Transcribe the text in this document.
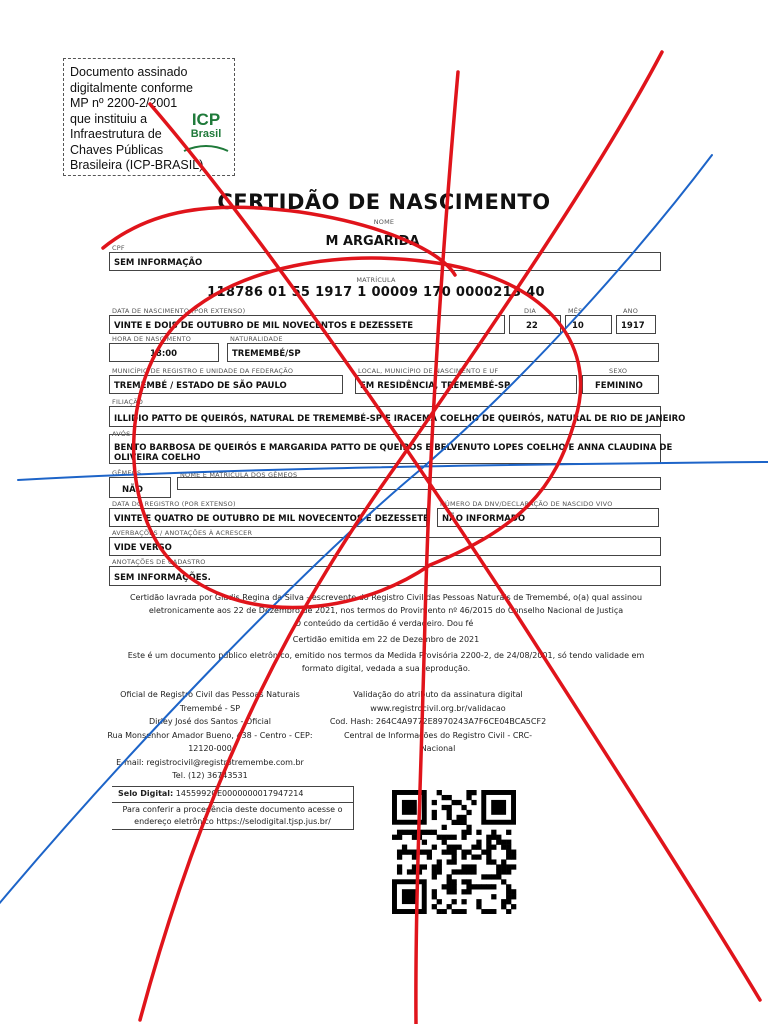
Documento assinado
digitalmente conforme
MP nº 2200-2/2001
que instituiu a
Infraestrutura de
Chaves Públicas
Brasileira (ICP-BRASIL)
ICP
Brasil
CERTIDÃO DE NASCIMENTO
NOME
M ARGARIDA
CPF
SEM INFORMAÇÃO
MATRÍCULA
118786 01 55 1917 1 00009 170 0000213 40
DATA DE NASCIMENTO (POR EXTENSO)
VINTE E DOIS DE OUTUBRO DE MIL NOVECENTOS E DEZESSETE
DIA
22
MÊS
10
ANO
1917
HORA DE NASCIMENTO
18:00
NATURALIDADE
TREMEMBÉ/SP
MUNICÍPIO DE REGISTRO E UNIDADE DA FEDERAÇÃO
TREMEMBÉ / ESTADO DE SÃO PAULO
LOCAL, MUNICÍPIO DE NASCIMENTO E UF
EM RESIDÊNCIA, TREMEMBÉ-SP
SEXO
FEMININO
FILIAÇÃO
ILLIDIO PATTO DE QUEIRÓS, NATURAL DE TREMEMBÉ-SP E IRACEMA COELHO DE QUEIRÓS, NATURAL DE RIO DE JANEIRO
AVÓS
BENTO BARBOSA DE QUEIRÓS E MARGARIDA PATTO DE QUEIROS E BELVENUTO LOPES COELHO E ANNA CLAUDINA DE
OLIVEIRA COELHO
GÊMEOS
NÃO
NOME E MATRÍCULA DOS GÊMEOS
DATA DO REGISTRO (POR EXTENSO)
VINTE E QUATRO DE OUTUBRO DE MIL NOVECENTOS E DEZESSETE
NÚMERO DA DNV/DECLARAÇÃO DE NASCIDO VIVO
NÃO INFORMADO
AVERBAÇÕES / ANOTAÇÕES À ACRESCER
VIDE VERSO
ANOTAÇÕES DE CADASTRO
SEM INFORMAÇÕES.
Certidão lavrada por Gladis Regina da Silva - escrevente do Registro Civil das Pessoas Naturais de Tremembé, o(a) qual assinou
eletronicamente aos 22 de Dezembro de 2021, nos termos do Provimento nº 46/2015 do Conselho Nacional de Justiça
O conteúdo da certidão é verdadeiro. Dou fé
Certidão emitida em 22 de Dezembro de 2021
Este é um documento público eletrônico, emitido nos termos da Medida Provisória 2200-2, de 24/08/2001, só tendo validade em
formato digital, vedada a sua reprodução.
Oficial de Registro Civil das Pessoas Naturais
Tremembé - SP
Dirley José dos Santos - Oficial
Rua Monsenhor Amador Bueno, 438 - Centro - CEP:
12120-000
E-mail: registrocivil@registrotremembe.com.br
Tel. (12) 36743531
Validação do atributo da assinatura digital
www.registrocivil.org.br/validacao
Cod. Hash: 264C4A9772E8970243A7F6CE04BCA5CF2
Central de Informações do Registro Civil - CRC-
Nacional
Selo Digital: 1455992CE0000000017947214
Para conferir a procedência deste documento acesse o
endereço eletrônico https://selodigital.tjsp.jus.br/
